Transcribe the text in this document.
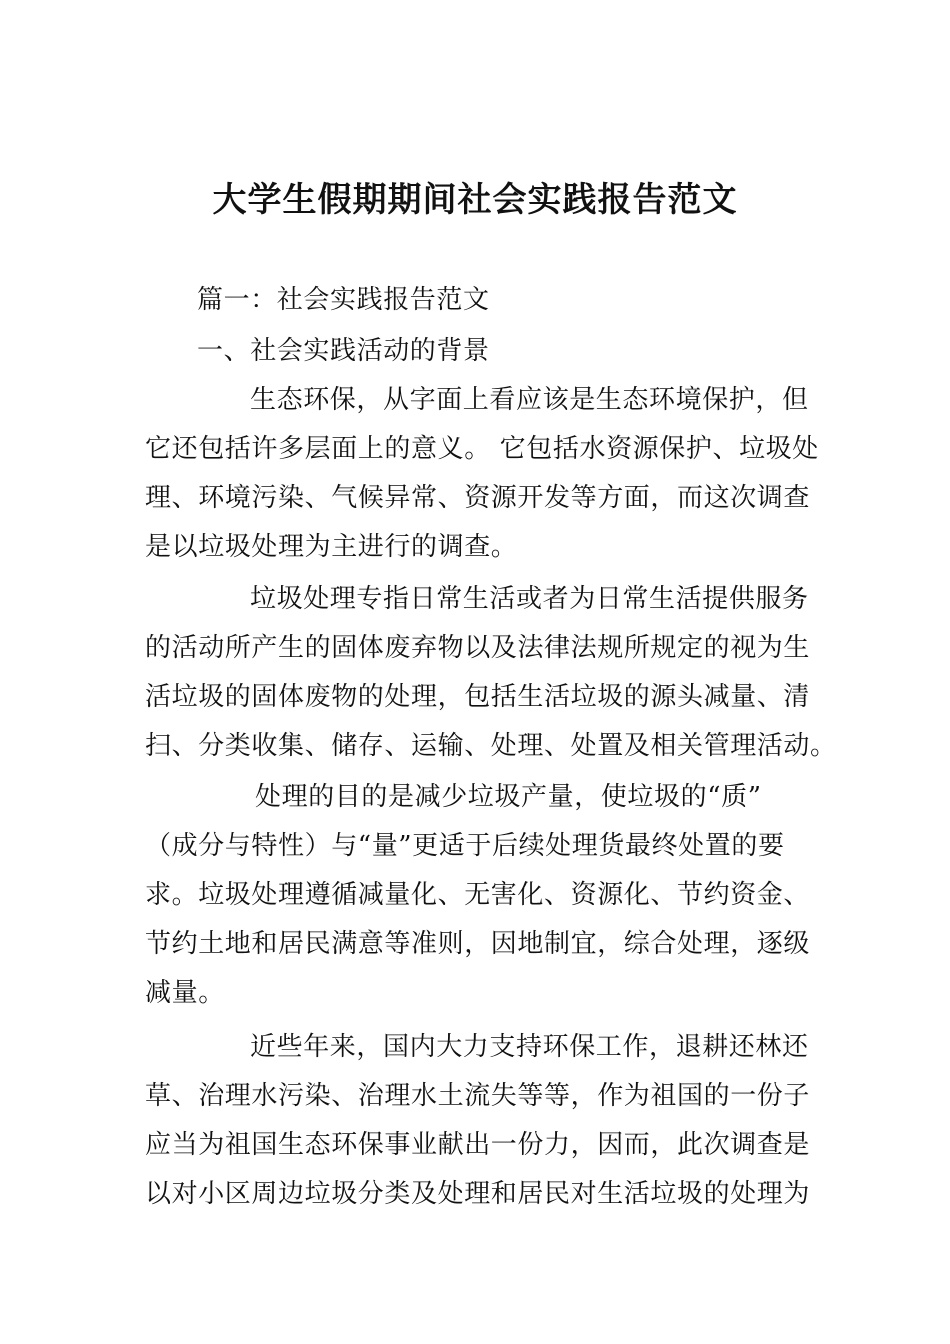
大学生假期期间社会实践报告范文

篇一：社会实践报告范文

一、社会实践活动的背景

生态环保，从字面上看应该是生态环境保护，但

它还包括许多层面上的意义。 它包括水资源保护、垃圾处

理、环境污染、气候异常、资源开发等方面，而这次调查

是以垃圾处理为主进行的调查。

垃圾处理专指日常生活或者为日常生活提供服务

的活动所产生的固体废弃物以及法律法规所规定的视为生

活垃圾的固体废物的处理，包括生活垃圾的源头减量、清

扫、分类收集、储存、运输、处理、处置及相关管理活动。

处理的目的是减少垃圾产量，使垃圾的“质”

（成分与特性）与“量”更适于后续处理货最终处置的要

求。垃圾处理遵循减量化、无害化、资源化、节约资金、

节约土地和居民满意等准则，因地制宜，综合处理，逐级

减量。

近些年来，国内大力支持环保工作，退耕还林还

草、治理水污染、治理水土流失等等，作为祖国的一份子

应当为祖国生态环保事业献出一份力，因而，此次调查是

以对小区周边垃圾分类及处理和居民对生活垃圾的处理为
